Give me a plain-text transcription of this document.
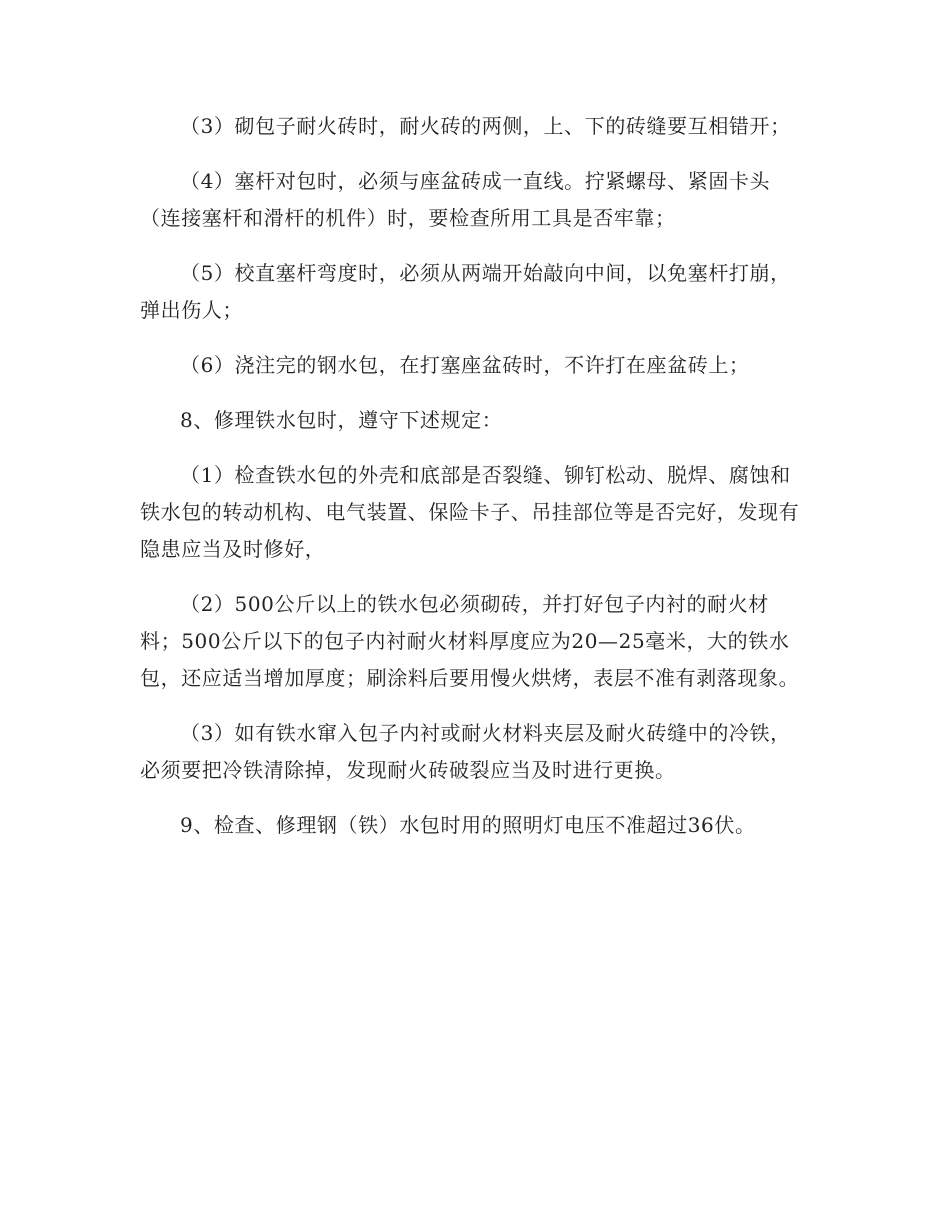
（3）砌包子耐火砖时，耐火砖的两侧，上、下的砖缝要互相错开；

（4）塞杆对包时，必须与座盆砖成一直线。拧紧螺母、紧固卡头（连接塞杆和滑杆的机件）时，要检查所用工具是否牢靠；

（5）校直塞杆弯度时，必须从两端开始敲向中间，以免塞杆打崩，弹出伤人；

（6）浇注完的钢水包，在打塞座盆砖时，不许打在座盆砖上；

8、修理铁水包时，遵守下述规定：

（1）检查铁水包的外壳和底部是否裂缝、铆钉松动、脱焊、腐蚀和铁水包的转动机构、电气装置、保险卡子、吊挂部位等是否完好，发现有隐患应当及时修好，

（2）500公斤以上的铁水包必须砌砖，并打好包子内衬的耐火材料；500公斤以下的包子内衬耐火材料厚度应为20—25毫米，大的铁水包，还应适当增加厚度；刷涂料后要用慢火烘烤，表层不准有剥落现象。

（3）如有铁水窜入包子内衬或耐火材料夹层及耐火砖缝中的冷铁，必须要把冷铁清除掉，发现耐火砖破裂应当及时进行更换。

9、检查、修理钢（铁）水包时用的照明灯电压不准超过36伏。
